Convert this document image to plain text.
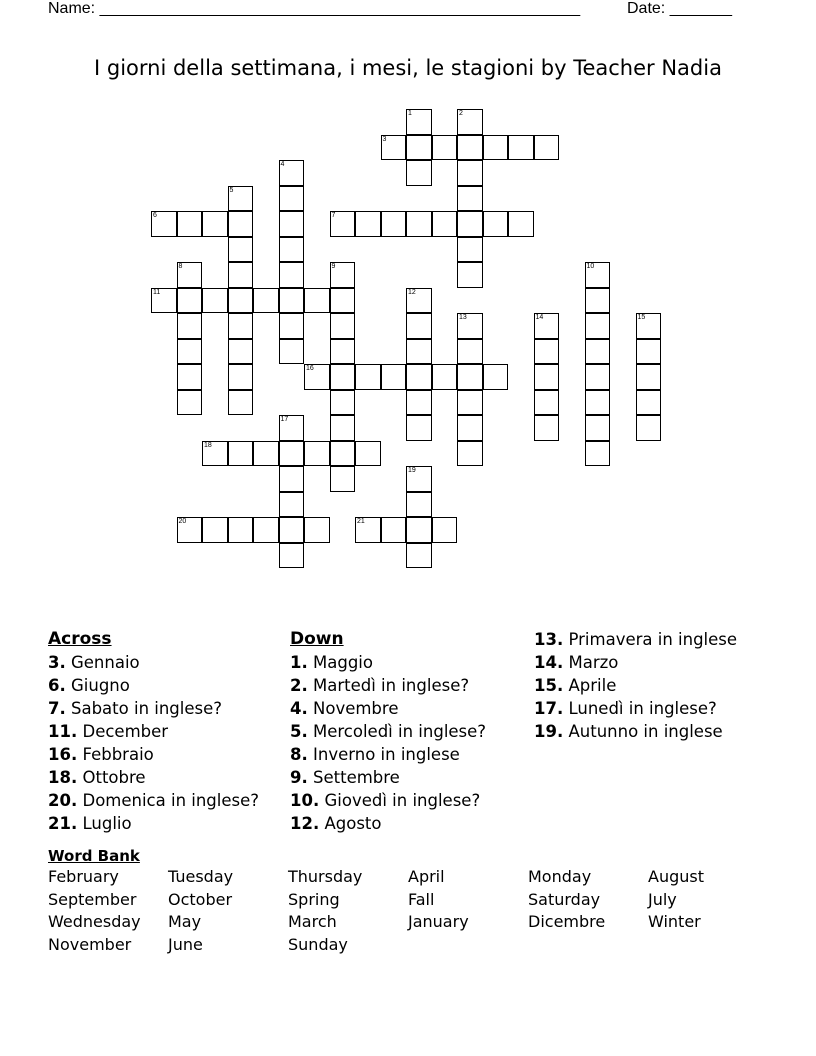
Name: ______________________________________________________	Date: _______
I giorni della settimana, i mesi, le stagioni by Teacher Nadia
1	2
3
4
5
6	7
8	9	10
11	12
13	14	15
16
17
18
19
20	21
Across
3. Gennaio
6. Giugno
7. Sabato in inglese?
11. December
16. Febbraio
18. Ottobre
20. Domenica in inglese?
21. Luglio
Down
1. Maggio
2. Martedì in inglese?
4. Novembre
5. Mercoledì in inglese?
8. Inverno in inglese
9. Settembre
10. Giovedì in inglese?
12. Agosto
13. Primavera in inglese
14. Marzo
15. Aprile
17. Lunedì in inglese?
19. Autunno in inglese
Word Bank
February	Tuesday	Thursday	April	Monday	August
September	October	Spring	Fall	Saturday	July
Wednesday	May	March	January	Dicembre	Winter
November	June	Sunday
